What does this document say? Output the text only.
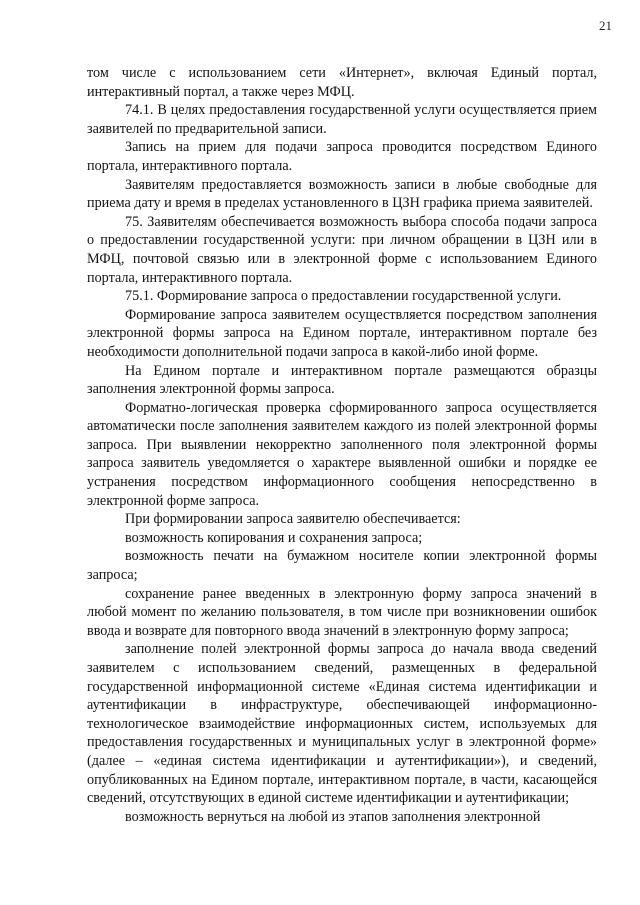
21

том числе с использованием сети «Интернет», включая Единый портал, интерактивный портал, а также через МФЦ.

74.1. В целях предоставления государственной услуги осуществляется прием заявителей по предварительной записи.

Запись на прием для подачи запроса проводится посредством Единого портала, интерактивного портала.

Заявителям предоставляется возможность записи в любые свободные для приема дату и время в пределах установленного в ЦЗН графика приема заявителей.

75. Заявителям обеспечивается возможность выбора способа подачи запроса о предоставлении государственной услуги: при личном обращении в ЦЗН или в МФЦ, почтовой связью или в электронной форме с использованием Единого портала, интерактивного портала.

75.1. Формирование запроса о предоставлении государственной услуги.

Формирование запроса заявителем осуществляется посредством заполнения электронной формы запроса на Едином портале, интерактивном портале без необходимости дополнительной подачи запроса в какой-либо иной форме.

На Едином портале и интерактивном портале размещаются образцы заполнения электронной формы запроса.

Форматно-логическая проверка сформированного запроса осуществляется автоматически после заполнения заявителем каждого из полей электронной формы запроса. При выявлении некорректно заполненного поля электронной формы запроса заявитель уведомляется о характере выявленной ошибки и порядке ее устранения посредством информационного сообщения непосредственно в электронной форме запроса.

При формировании запроса заявителю обеспечивается:

возможность копирования и сохранения запроса;

возможность печати на бумажном носителе копии электронной формы запроса;

сохранение ранее введенных в электронную форму запроса значений в любой момент по желанию пользователя, в том числе при возникновении ошибок ввода и возврате для повторного ввода значений в электронную форму запроса;

заполнение полей электронной формы запроса до начала ввода сведений заявителем с использованием сведений, размещенных в федеральной государственной информационной системе «Единая система идентификации и аутентификации в инфраструктуре, обеспечивающей информационно-технологическое взаимодействие информационных систем, используемых для предоставления государственных и муниципальных услуг в электронной форме» (далее – «единая система идентификации и аутентификации»), и сведений, опубликованных на Едином портале, интерактивном портале, в части, касающейся сведений, отсутствующих в единой системе идентификации и аутентификации;

возможность вернуться на любой из этапов заполнения электронной
